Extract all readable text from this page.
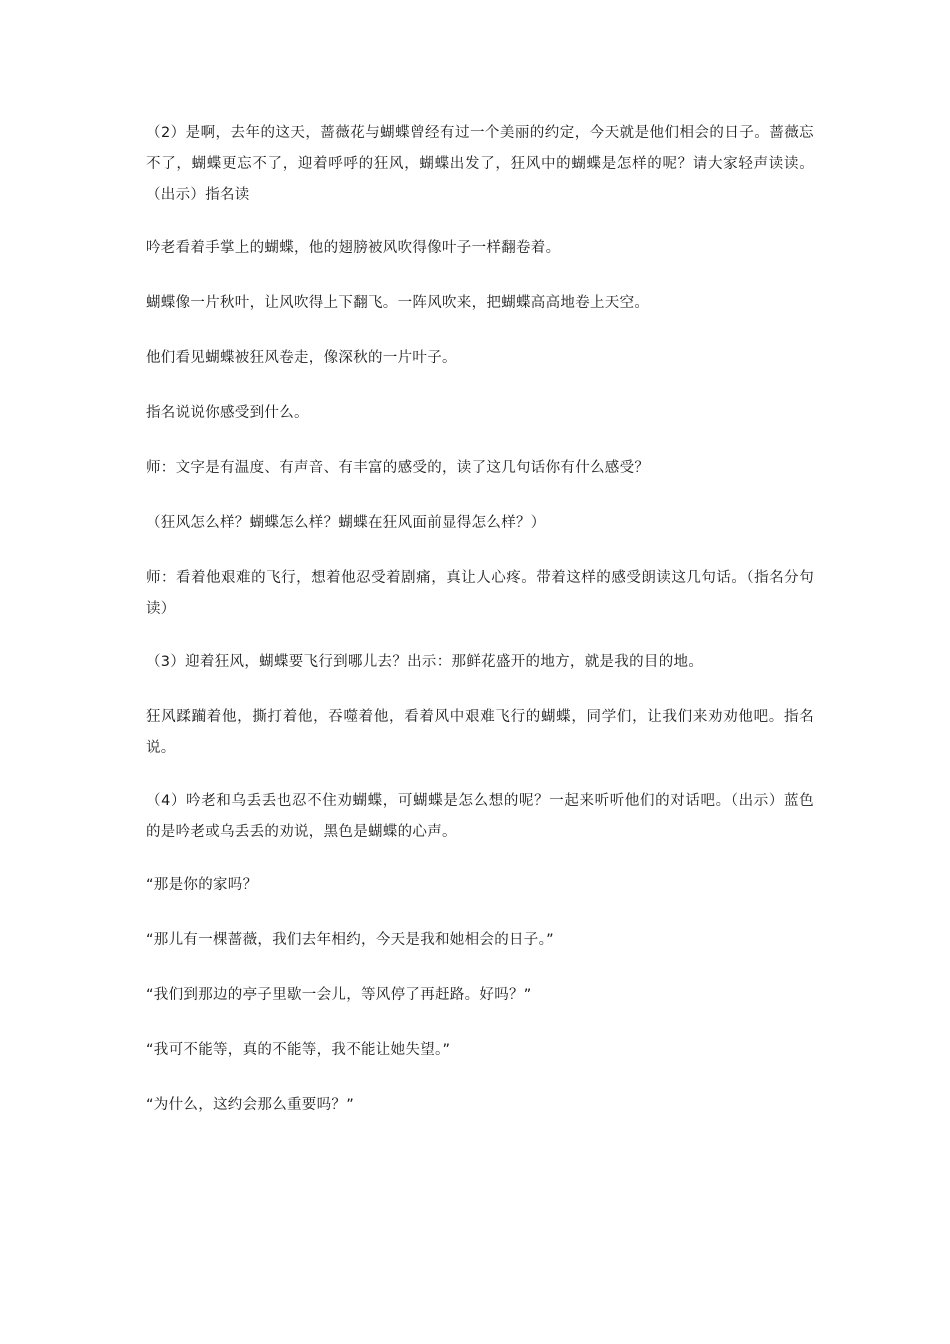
（2）是啊，去年的这天，蔷薇花与蝴蝶曾经有过一个美丽的约定，今天就是他们相会的日子。蔷薇忘不了，蝴蝶更忘不了，迎着呼呼的狂风，蝴蝶出发了，狂风中的蝴蝶是怎样的呢？请大家轻声读读。（出示）指名读

吟老看着手掌上的蝴蝶，他的翅膀被风吹得像叶子一样翻卷着。

蝴蝶像一片秋叶，让风吹得上下翻飞。一阵风吹来，把蝴蝶高高地卷上天空。

他们看见蝴蝶被狂风卷走，像深秋的一片叶子。

指名说说你感受到什么。

师：文字是有温度、有声音、有丰富的感受的，读了这几句话你有什么感受？

（狂风怎么样？蝴蝶怎么样？蝴蝶在狂风面前显得怎么样？）

师：看着他艰难的飞行，想着他忍受着剧痛，真让人心疼。带着这样的感受朗读这几句话。（指名分句读）

（3）迎着狂风，蝴蝶要飞行到哪儿去？出示：那鲜花盛开的地方，就是我的目的地。

狂风蹂躏着他，撕打着他，吞噬着他，看着风中艰难飞行的蝴蝶，同学们，让我们来劝劝他吧。指名说。

（4）吟老和乌丢丢也忍不住劝蝴蝶，可蝴蝶是怎么想的呢？一起来听听他们的对话吧。（出示）蓝色的是吟老或乌丢丢的劝说，黑色是蝴蝶的心声。

“那是你的家吗？

“那儿有一棵蔷薇，我们去年相约，今天是我和她相会的日子。”

“我们到那边的亭子里歇一会儿，等风停了再赶路。好吗？”

“我可不能等，真的不能等，我不能让她失望。”

“为什么，这约会那么重要吗？”
